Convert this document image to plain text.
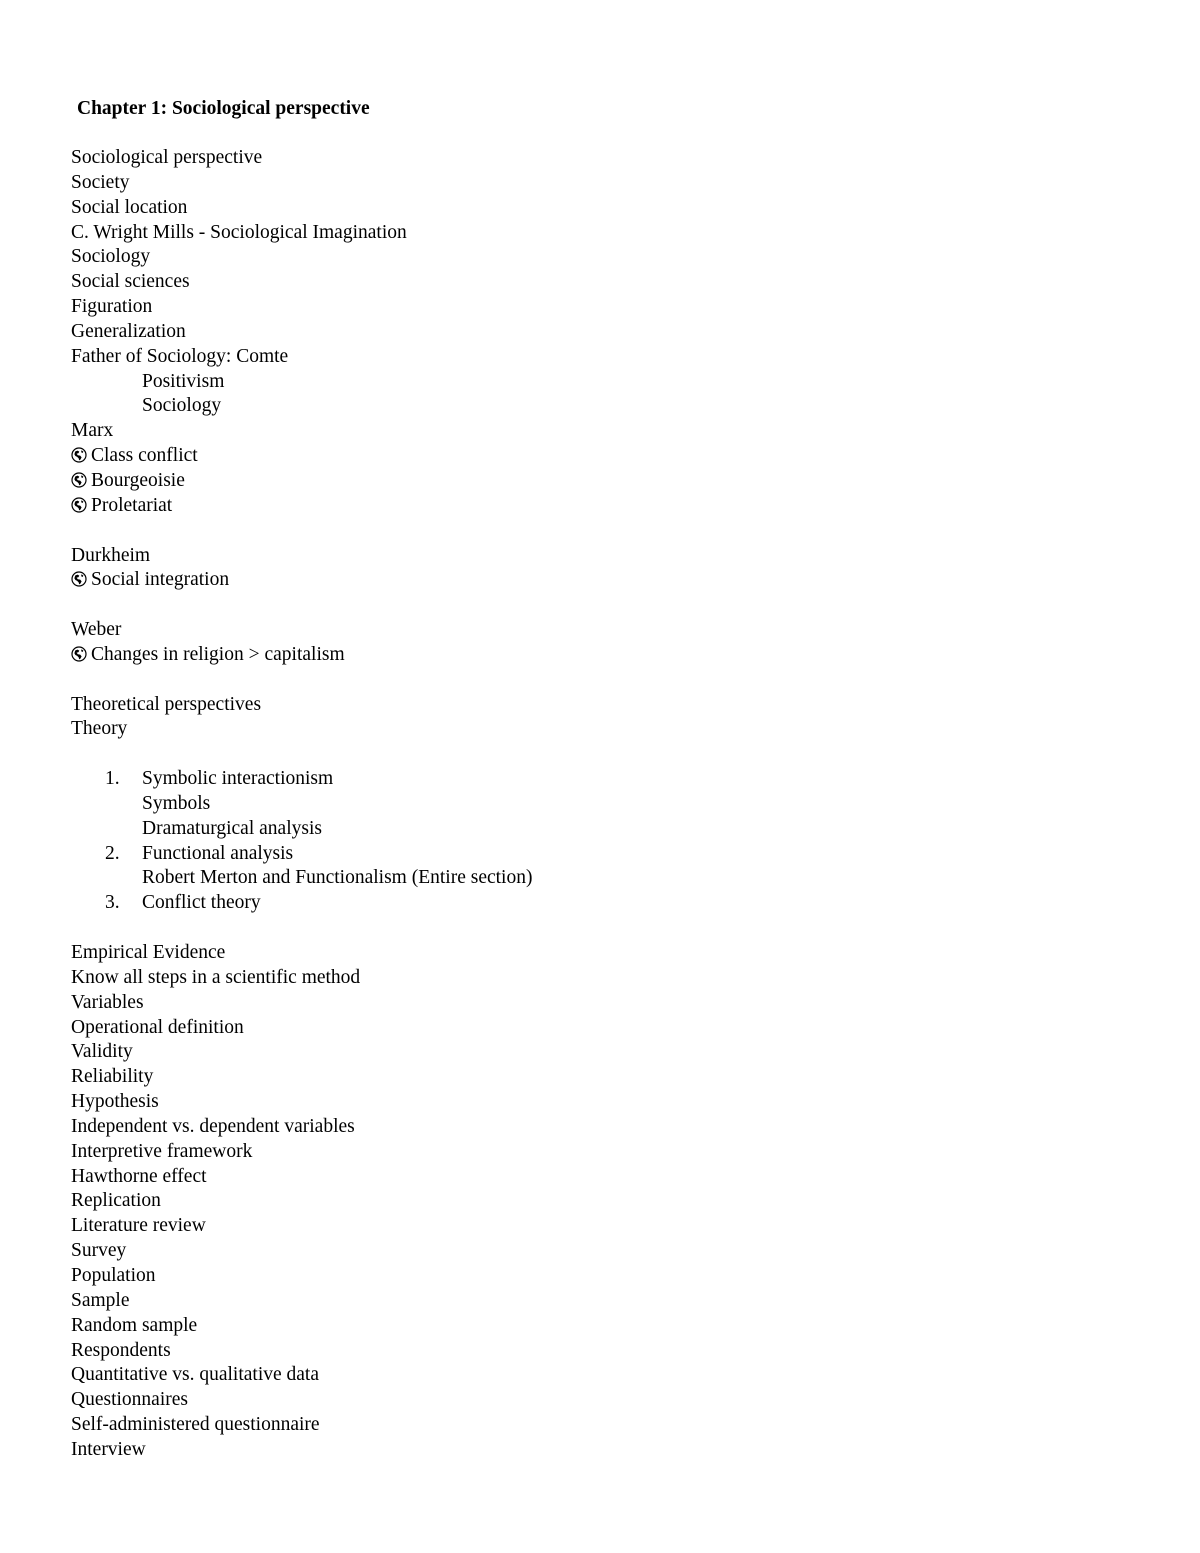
Chapter 1: Sociological perspective
Sociological perspective
Society
Social location
C. Wright Mills - Sociological Imagination
Sociology
Social sciences
Figuration
Generalization
Father of Sociology: Comte
Positivism
Sociology
Marx
Class conflict
Bourgeoisie
Proletariat
Durkheim
Social integration
Weber
Changes in religion > capitalism
Theoretical perspectives
Theory
1. Symbolic interactionism
Symbols
Dramaturgical analysis
2. Functional analysis
Robert Merton and Functionalism (Entire section)
3. Conflict theory
Empirical Evidence
Know all steps in a scientific method
Variables
Operational definition
Validity
Reliability
Hypothesis
Independent vs. dependent variables
Interpretive framework
Hawthorne effect
Replication
Literature review
Survey
Population
Sample
Random sample
Respondents
Quantitative vs. qualitative data
Questionnaires
Self-administered questionnaire
Interview
